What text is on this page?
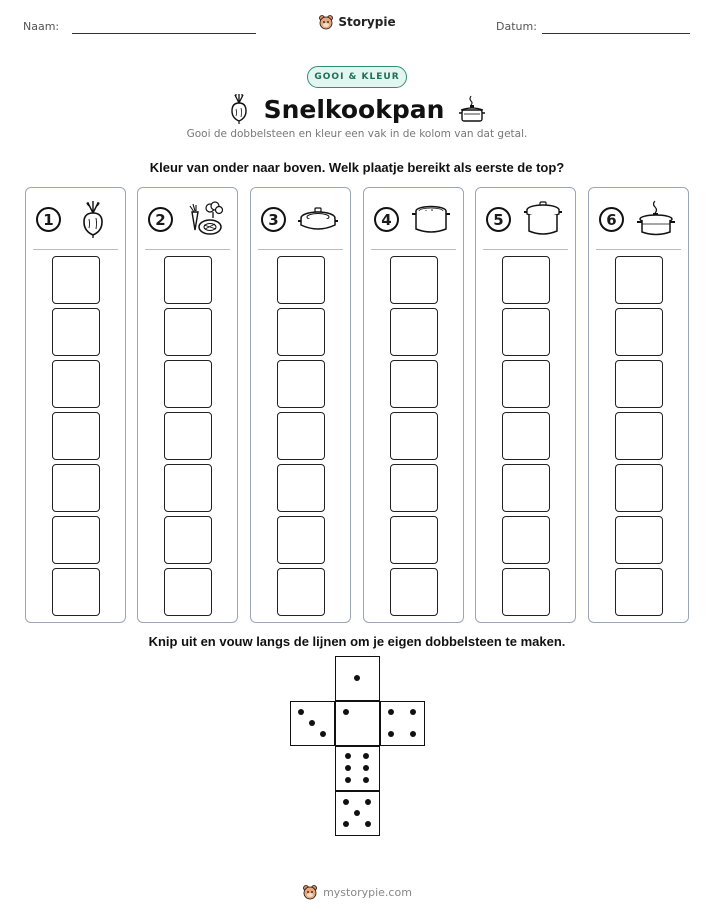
Naam:	Datum:
Storypie
GOOI & KLEUR
Snelkookpan
Gooi de dobbelsteen en kleur een vak in de kolom van dat getal.
Kleur van onder naar boven. Welk plaatje bereikt als eerste de top?
1	2	3	4	5	6
Knip uit en vouw langs de lijnen om je eigen dobbelsteen te maken.
mystorypie.com
